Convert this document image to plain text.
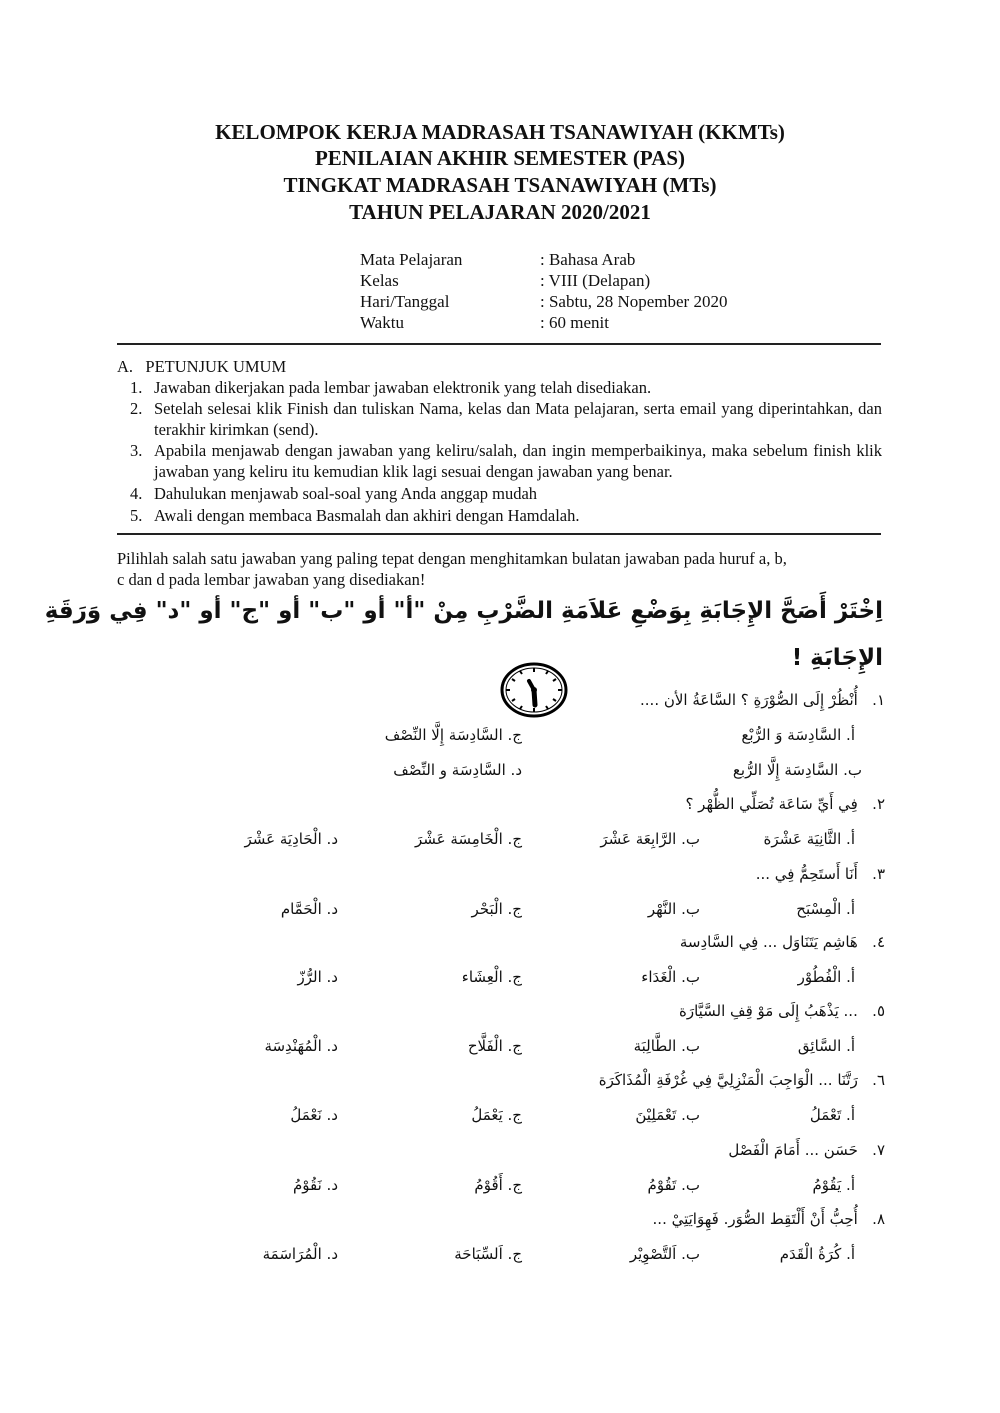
KELOMPOK KERJA MADRASAH TSANAWIYAH (KKMTs)
PENILAIAN AKHIR SEMESTER (PAS)
TINGKAT MADRASAH TSANAWIYAH (MTs)
TAHUN PELAJARAN 2020/2021
Mata Pelajaran	: Bahasa Arab
Kelas	: VIII (Delapan)
Hari/Tanggal	: Sabtu, 28 Nopember 2020
Waktu	: 60 menit
A.   PETUNJUK UMUM
1. Jawaban dikerjakan pada lembar jawaban elektronik yang telah disediakan.
2. Setelah selesai klik Finish dan tuliskan Nama, kelas dan Mata pelajaran, serta email yang diperintahkan, dan terakhir kirimkan (send).
3. Apabila menjawab dengan jawaban yang keliru/salah, dan ingin memperbaikinya, maka sebelum finish klik jawaban yang keliru itu kemudian klik lagi sesuai dengan jawaban yang benar.
4. Dahulukan menjawab soal-soal yang Anda anggap mudah
5. Awali dengan membaca Basmalah dan akhiri dengan Hamdalah.
Pilihlah salah satu jawaban yang paling tepat dengan menghitamkan bulatan jawaban pada huruf a, b,
c dan d pada lembar jawaban yang disediakan!
اِخْتَرْ أَصَحَّ الإِجَابَةِ بِوَضْعِ عَلاَمَةِ الضَّرْبِ مِنْ "أ" أو "ب" أو "ج" أو "د" فِي وَرَقَةِ
الإِجَابَةِ !
١.   أُنْظُرْ إِلَى الصُّوْرَةِ ؟ السَّاعَةُ الأن ....
أ. السَّادِسَة وَ الرُّبْع
ج. السَّادِسَة إِلَّا النِّصْف
ب. السَّادِسَة إِلَّا الرُّبع
د. السَّادِسَة و النِّصْف
٢.   فِي أَيِّ سَاعَة تُصَلِّي الظُّهْر ؟
أ. الثَّانِيَة عَشْرَة
ب. الرَّابِعَة عَشْرَ
ج. الْخَامِسَة عَشْرَ
د. الْحَادِيَة عَشْرَ
٣.   أَنَا أَستَحِمُّ فِي ...
أ. الْمِسْبَح
ب. النَّهْر
ج. الْبَحْر
د. الْحَمَّام
٤.   هَاشِم يَتَنَاوَل ... فِي السَّادِسة
أ. الْفُطُوْر
ب. الْغَدَاء
ج. الْعِشَاء
د. الرُّزّ
٥.   ... يَذْهَبُ إِلَى مَوْ قِفِ السَّيَّارَة
أ. السَّائِق
ب. الطَّالِبَة
ج. الْفَلَّاح
د. الْمُهَنْدِسَة
٦.   رَتَّنَا ... الْوَاجِبَ الْمَنْزِلِيَّ فِي غُرْفَةِ الْمُذَاكَرَة
أ. تَعْمَلُ
ب. تَعْمَلِيْنَ
ج. يَعْمَلُ
د. نَعْمَلُ
٧.   حَسَن ... أَمَامَ الْفَصْل
أ. يَقُوْمُ
ب. تَقُوْمُ
ج. أَقُوْمُ
د. نَقُوْمُ
٨.   أُحِبُّ أَنْ أَلْتَقِط الصُّوَر. فَهِوَايَتِيْ ...
أ. كُرَةُ الْقَدَم
ب. اَلتَّصْوِيْر
ج. اَلسِّبَاحَة
د. الْمُرَاسَمَة
